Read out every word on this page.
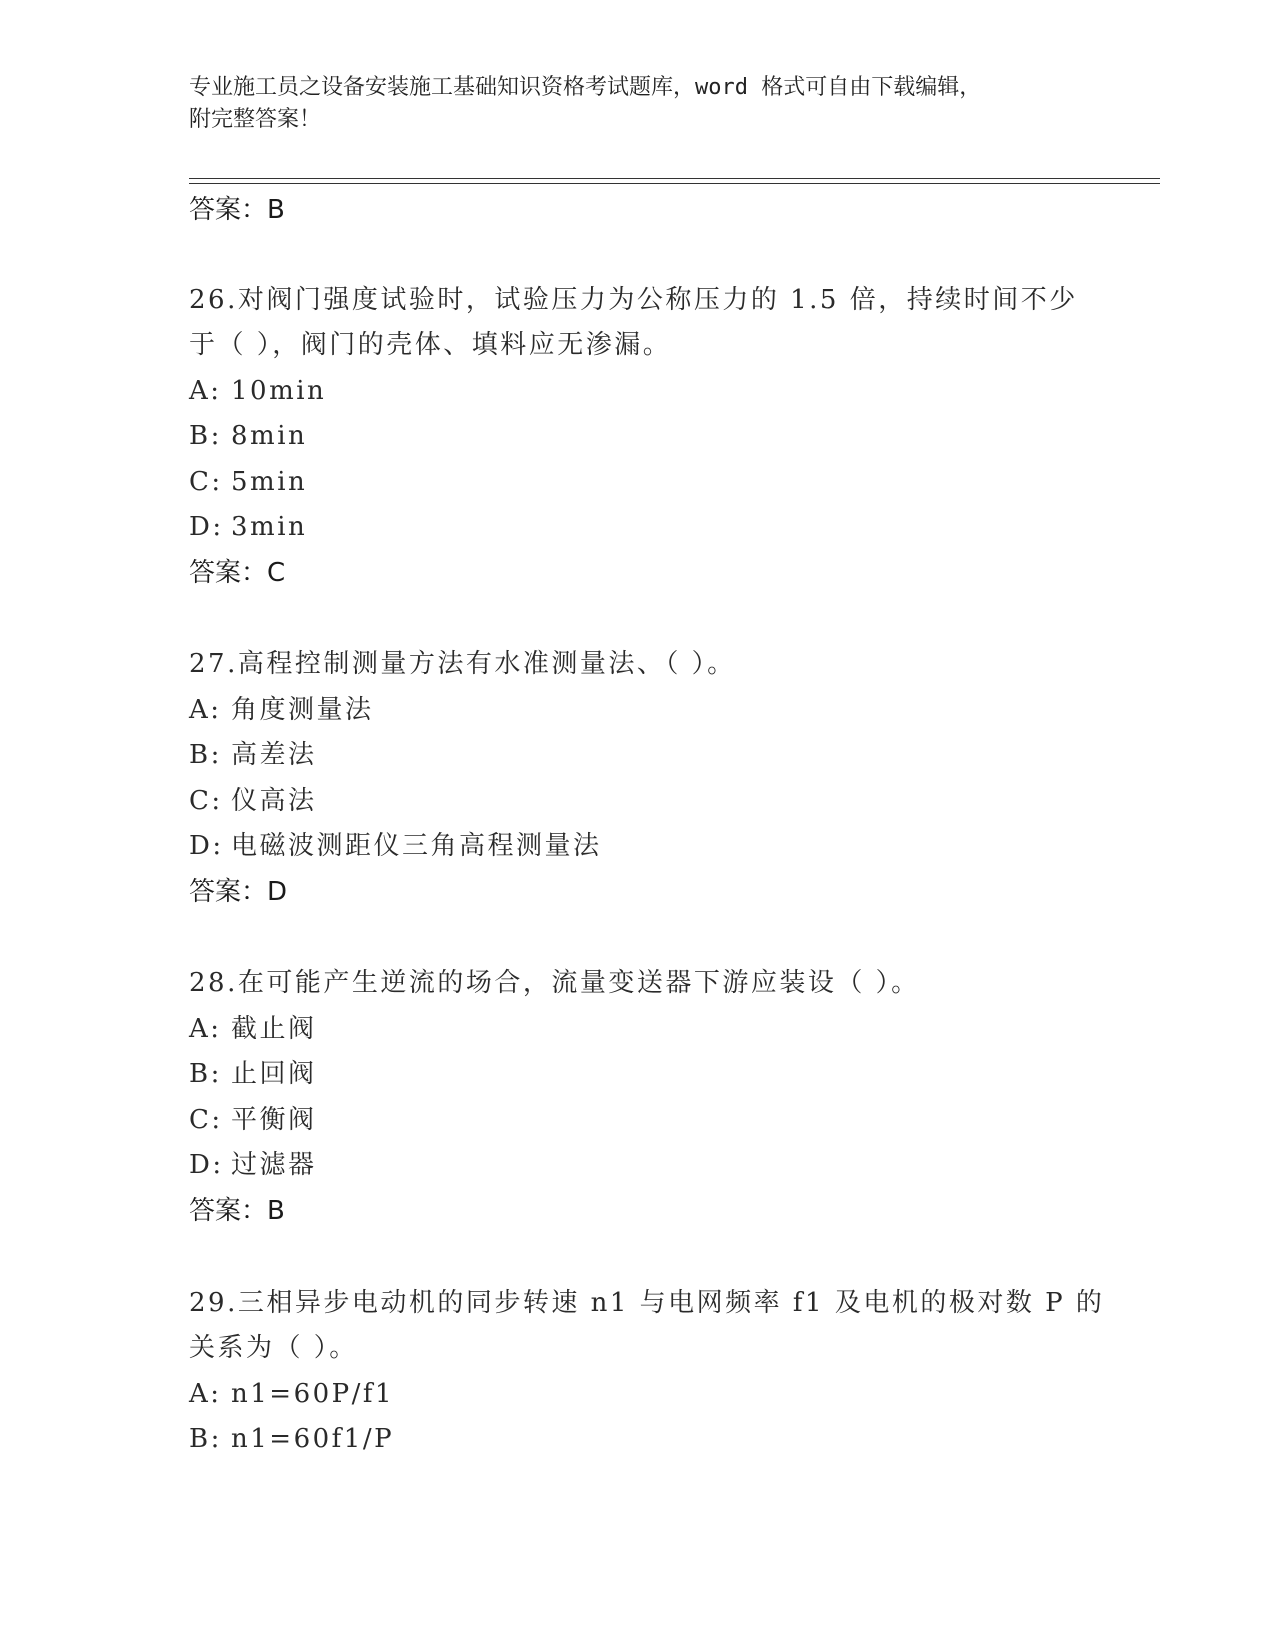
专业施工员之设备安装施工基础知识资格考试题库，word 格式可自由下载编辑，
附完整答案！
答案：B
26.对阀门强度试验时，试验压力为公称压力的 1.5 倍，持续时间不少
于（ ），阀门的壳体、填料应无渗漏。
A: 10min
B: 8min
C: 5min
D: 3min
答案：C
27.高程控制测量方法有水准测量法、（ ）。
A: 角度测量法
B: 高差法
C: 仪高法
D: 电磁波测距仪三角高程测量法
答案：D
28.在可能产生逆流的场合，流量变送器下游应装设（ ）。
A: 截止阀
B: 止回阀
C: 平衡阀
D: 过滤器
答案：B
29.三相异步电动机的同步转速 n1 与电网频率 f1 及电机的极对数 P 的
关系为（ ）。
A: n1=60P/f1
B: n1=60f1/P
